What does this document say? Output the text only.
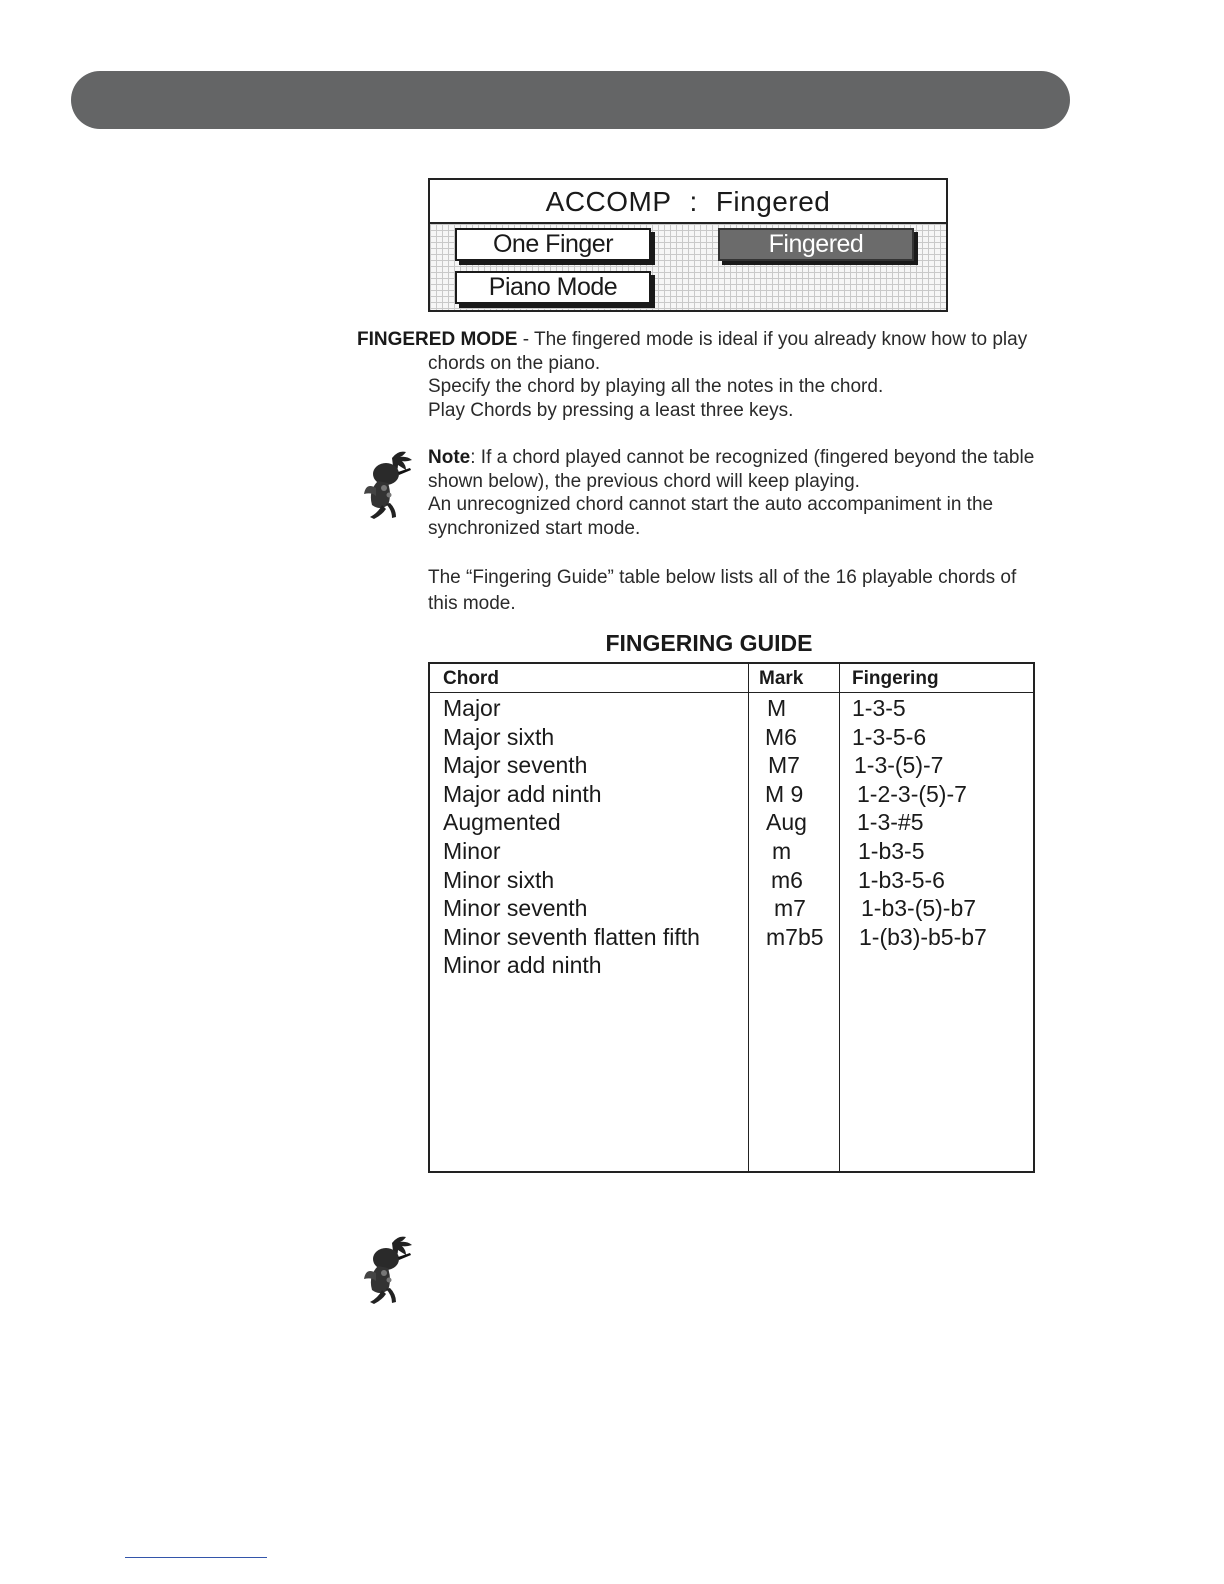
ACCOMP : Fingered
One Finger	Fingered
Piano Mode
FINGERED MODE - The fingered mode is ideal if you already know how to play
chords on the piano.
Specify the chord by playing all the notes in the chord.
Play Chords by pressing a least three keys.
Note: If a chord played cannot be recognized (fingered beyond the table
shown below), the previous chord will keep playing.
An unrecognized chord cannot start the auto accompaniment in the
synchronized start mode.
The “Fingering Guide” table below lists all of the 16 playable chords of
this mode.
FINGERING GUIDE
Chord	Mark	Fingering
Major	M	1-3-5
Major sixth	M6 1-3-5-6
Major seventh	M7 1-3-(5)-7
Major add ninth	M 9 1-2-3-(5)-7
Augmented	Aug 1-3-#5
Minor	m	1-b3-5
Minor sixth	m6 1-b3-5-6
Minor seventh	m7 1-b3-(5)-b7
Minor seventh flatten fifth	m7b5 1-(b3)-b5-b7
Minor add ninth
